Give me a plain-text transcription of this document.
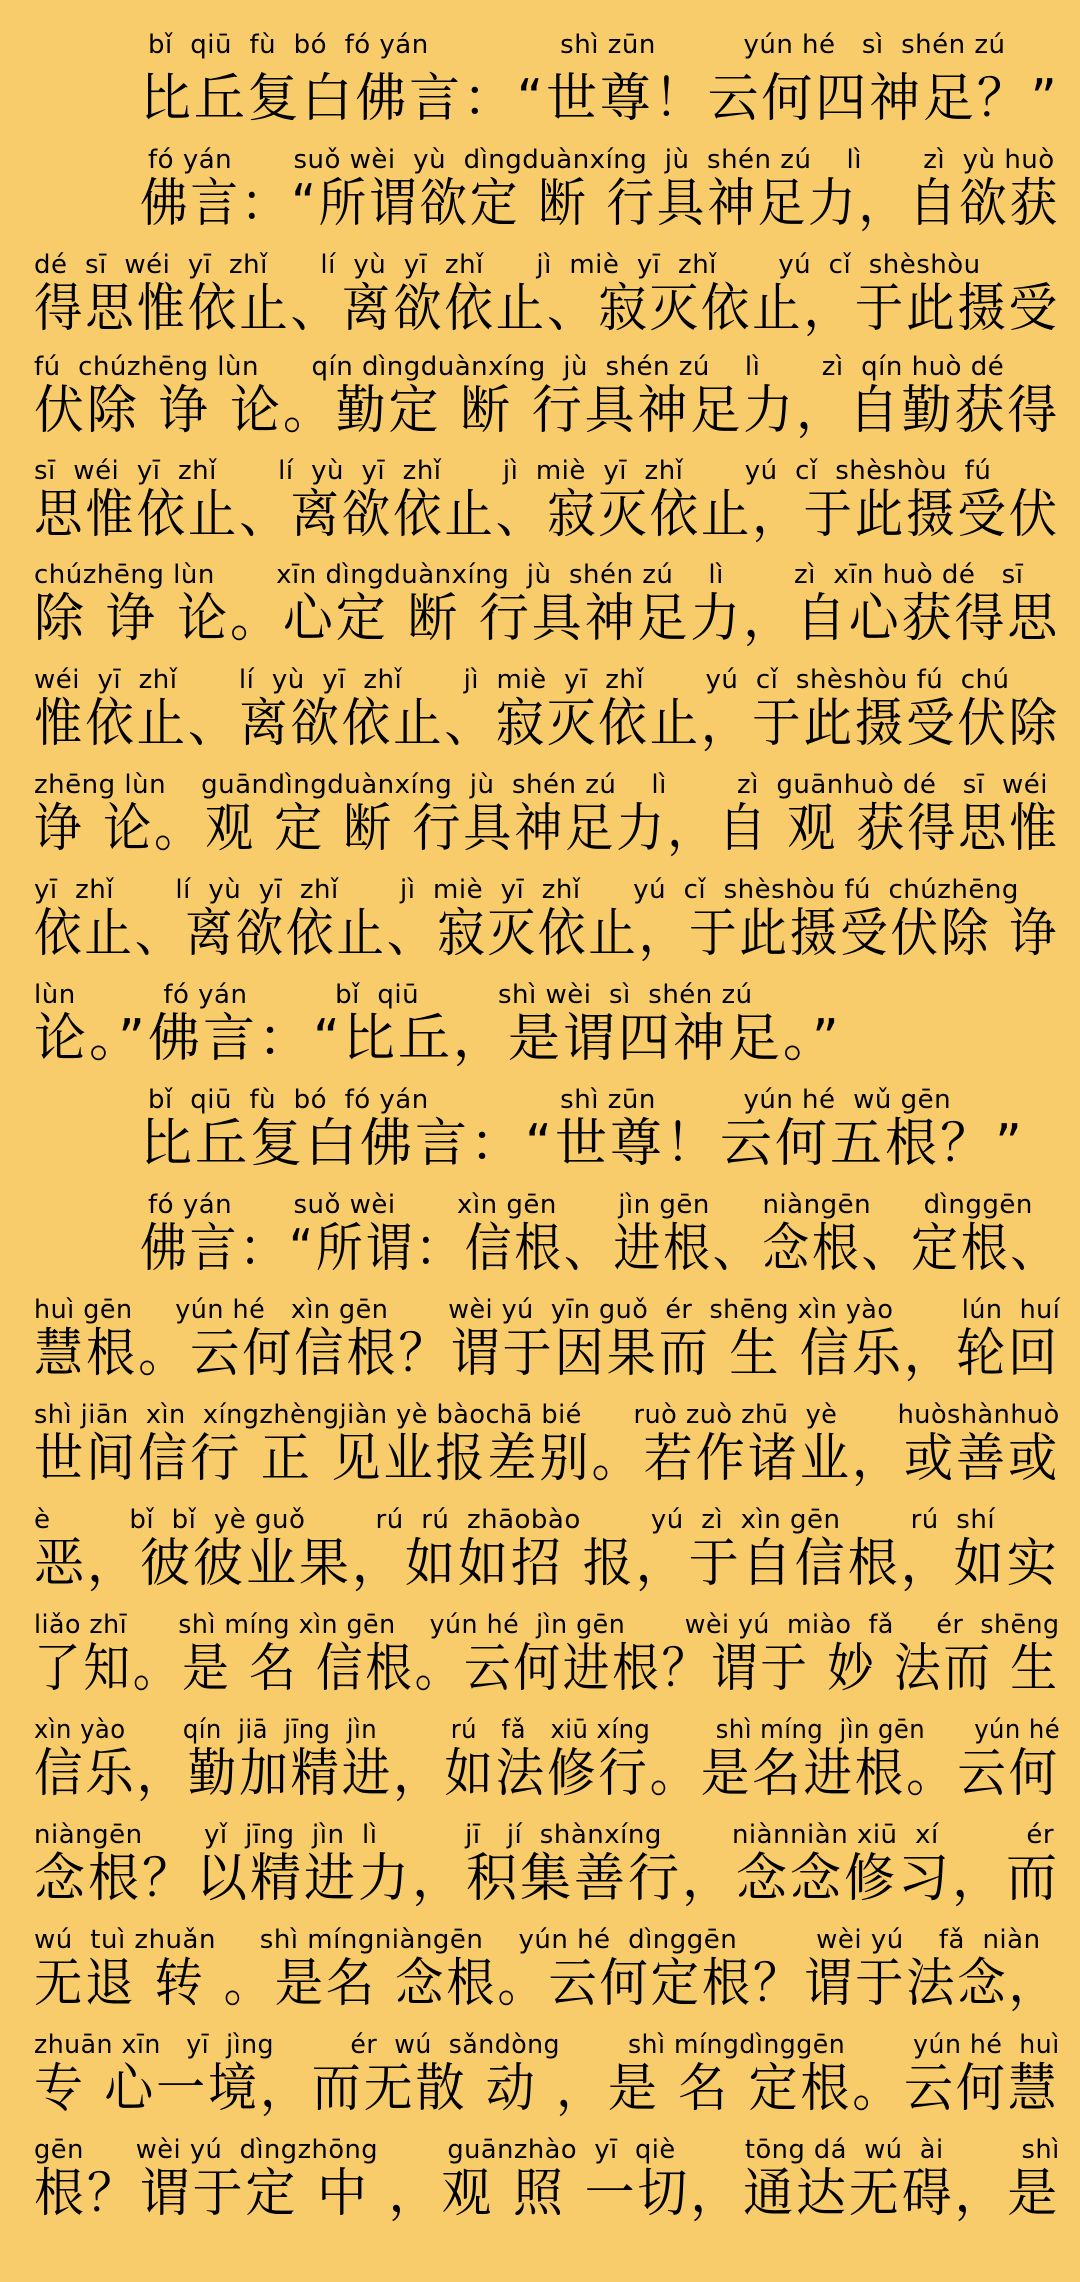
bǐ  qiū  fù  bó  fó yán               shì zūn          yún hé   sì  shén zú
比丘复白佛言：“世尊！云何四神足？”
fó yán       suǒ wèi  yù  dìngduànxíng  jù  shén zú    lì       zì  yù huò
佛言：“所谓欲定 断 行具神足力，自欲获
dé  sī  wéi  yī  zhǐ      lí  yù  yī  zhǐ      jì  miè  yī  zhǐ       yú  cǐ  shèshòu
得思惟依止、离欲依止、寂灭依止，于此摄受
fú  chúzhēng lùn      qín dìngduànxíng  jù  shén zú    lì       zì  qín huò dé
伏除 诤 论。勤定 断 行具神足力，自勤获得
sī  wéi  yī  zhǐ       lí  yù  yī  zhǐ       jì  miè  yī  zhǐ       yú  cǐ  shèshòu  fú
思惟依止、离欲依止、寂灭依止，于此摄受伏
chúzhēng lùn       xīn dìngduànxíng  jù  shén zú    lì        zì  xīn huò dé   sī
除 诤 论。心定 断 行具神足力，自心获得思
wéi  yī  zhǐ       lí  yù  yī  zhǐ       jì  miè  yī  zhǐ       yú  cǐ  shèshòu fú  chú
惟依止、离欲依止、寂灭依止，于此摄受伏除
zhēng lùn    guāndìngduànxíng  jù  shén zú    lì        zì  guānhuò dé   sī  wéi
诤 论。观 定 断 行具神足力，自 观 获得思惟
yī  zhǐ       lí  yù  yī  zhǐ       jì  miè  yī  zhǐ      yú  cǐ  shèshòu fú  chúzhēng
依止、离欲依止、寂灭依止，于此摄受伏除 诤
lùn          fó yán          bǐ  qiū         shì wèi  sì  shén zú
论。”佛言：“比丘，是谓四神足。”
bǐ  qiū  fù  bó  fó yán               shì zūn          yún hé  wǔ gēn
比丘复白佛言：“世尊！云何五根？”
fó yán       suǒ wèi       xìn gēn       jìn gēn      niàngēn      dìnggēn
佛言：“所谓：信根、进根、念根、定根、
huì gēn     yún hé   xìn gēn       wèi yú  yīn guǒ  ér  shēng xìn yào        lún  huí
慧根。云何信根？谓于因果而 生 信乐，轮回
shì jiān  xìn  xíngzhèngjiàn yè bàochā bié      ruò zuò zhū  yè       huòshànhuò
世间信行 正 见业报差别。若作诸业，或善或
è         bǐ  bǐ  yè guǒ        rú  rú  zhāobào        yú  zì  xìn gēn        rú  shí
恶，彼彼业果，如如招 报，于自信根，如实
liǎo zhī      shì míng xìn gēn    yún hé  jìn gēn       wèi yú  miào  fǎ     ér  shēng
了知。是 名 信根。云何进根？谓于 妙 法而 生
xìn yào       qín  jiā  jīng  jìn         rú   fǎ   xiū xíng        shì míng  jìn gēn      yún hé
信乐，勤加精进，如法修行。是名进根。云何
niàngēn       yǐ  jīng  jìn  lì          jī   jí  shànxíng        niànniàn xiū  xí          ér
念根？以精进力，积集善行，念念修习，而
wú  tuì zhuǎn     shì míngniàngēn    yún hé  dìnggēn         wèi yú    fǎ  niàn
无退 转 。是名 念根。云何定根？谓于法念，
zhuān xīn   yī  jìng         ér  wú  sǎndòng        shì míngdìnggēn        yún hé  huì
专 心一境，而无散 动 ，是 名 定根。云何慧
gēn      wèi yú  dìngzhōng        guānzhào  yī  qiè        tōng dá  wú  ài         shì
根？谓于定 中 ，观 照 一切，通达无碍，是
